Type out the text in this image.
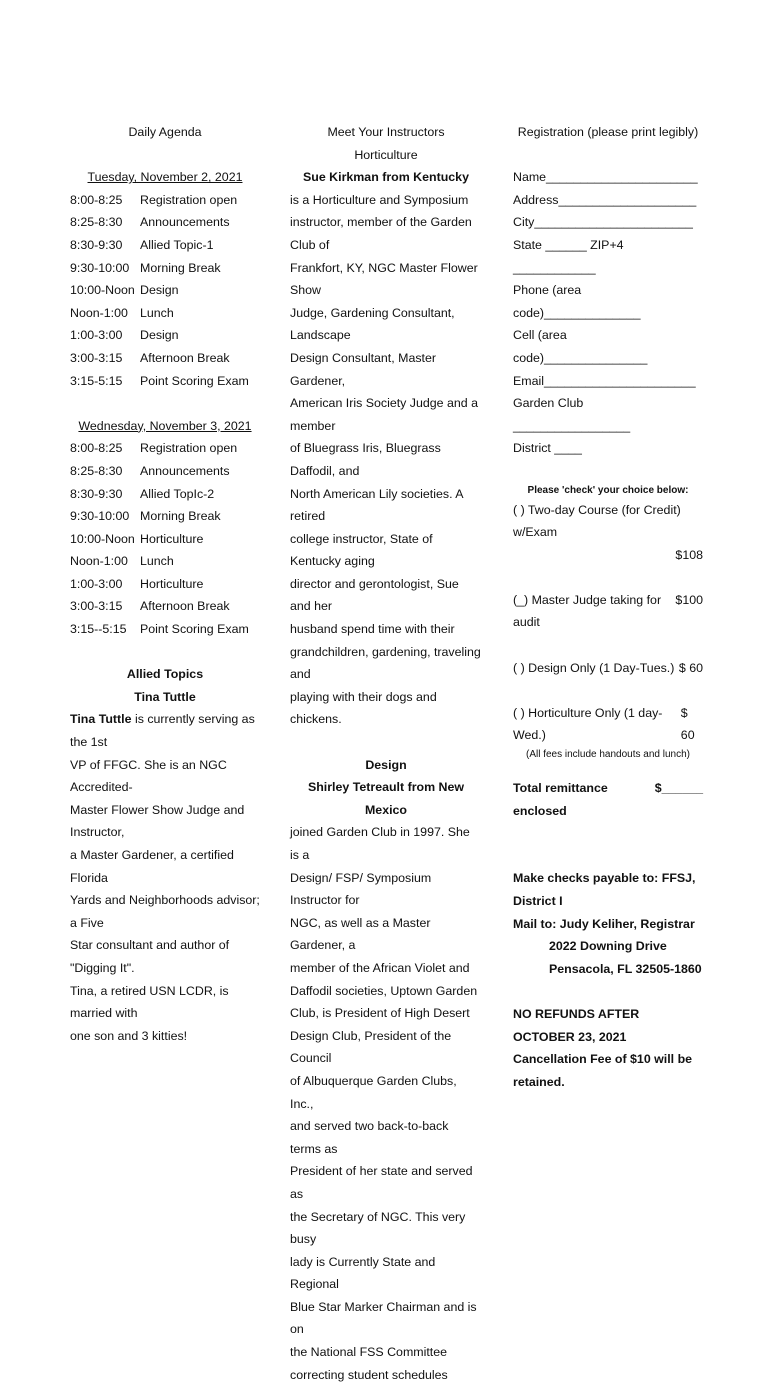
Daily Agenda
Tuesday, November 2, 2021
8:00-8:25	Registration open
8:25-8:30	Announcements
8:30-9:30	Allied Topic-1
9:30-10:00 Morning Break
10:00-Noon Design
Noon-1:00 Lunch
1:00-3:00	Design
3:00-3:15	Afternoon Break
3:15-5:15	Point Scoring Exam
Wednesday, November 3, 2021
8:00-8:25	Registration open
8:25-8:30	Announcements
8:30-9:30	Allied TopIc-2
9:30-10:00 Morning Break
10:00-Noon Horticulture
Noon-1:00 Lunch
1:00-3:00	Horticulture
3:00-3:15	Afternoon Break
3:15--5:15	Point Scoring Exam
Allied Topics
Tina Tuttle
Tina Tuttle is currently serving as the 1st
VP of FFGC. She is an NGC Accredited-
Master Flower Show Judge and Instructor,
a Master Gardener, a certified Florida
Yards and Neighborhoods advisor; a Five
Star consultant and author of "Digging It".
Tina, a retired USN LCDR, is married with
one son and 3 kitties!
Meet Your Instructors
Horticulture
Sue Kirkman from Kentucky
is a Horticulture and Symposium
instructor, member of the Garden Club of
Frankfort, KY, NGC Master Flower Show
Judge, Gardening Consultant, Landscape
Design Consultant, Master Gardener,
American Iris Society Judge and a member
of Bluegrass Iris, Bluegrass Daffodil, and
North American Lily societies. A retired
college instructor, State of Kentucky aging
director and gerontologist, Sue and her
husband spend time with their
grandchildren, gardening, traveling and
playing with their dogs and chickens.
Design
Shirley Tetreault from New Mexico
joined Garden Club in 1997. She is a
Design/ FSP/ Symposium Instructor for
NGC, as well as a Master Gardener, a
member of the African Violet and
Daffodil societies, Uptown Garden
Club, is President of High Desert
Design Club, President of the Council
of Albuquerque Garden Clubs, Inc.,
and served two back-to-back terms as
President of her state and served as
the Secretary of NGC. This very busy
lady is Currently State and Regional
Blue Star Marker Chairman and is on
the National FSS Committee
correcting student schedules
Registration (please print legibly)
Name______________________
Address____________________
City_______________________
State ______ ZIP+4 ____________
Phone (area code)______________
Cell (area code)_______________
Email______________________
Garden Club _________________
District ____
Please 'check' your choice below:
( ) Two-day Course (for Credit) w/Exam
$108
(_) Master Judge taking for audit
$100
( ) Design Only (1 Day-Tues.) $ 60
( ) Horticulture Only (1 day-Wed.)
$ 60
(All fees include handouts and lunch)
Total remittance enclosed
$______
Make checks payable to: FFSJ, District I
Mail to: Judy Keliher, Registrar
2022 Downing Drive
Pensacola, FL 32505-1860
NO REFUNDS AFTER OCTOBER 23, 2021
Cancellation Fee of $10 will be retained.
